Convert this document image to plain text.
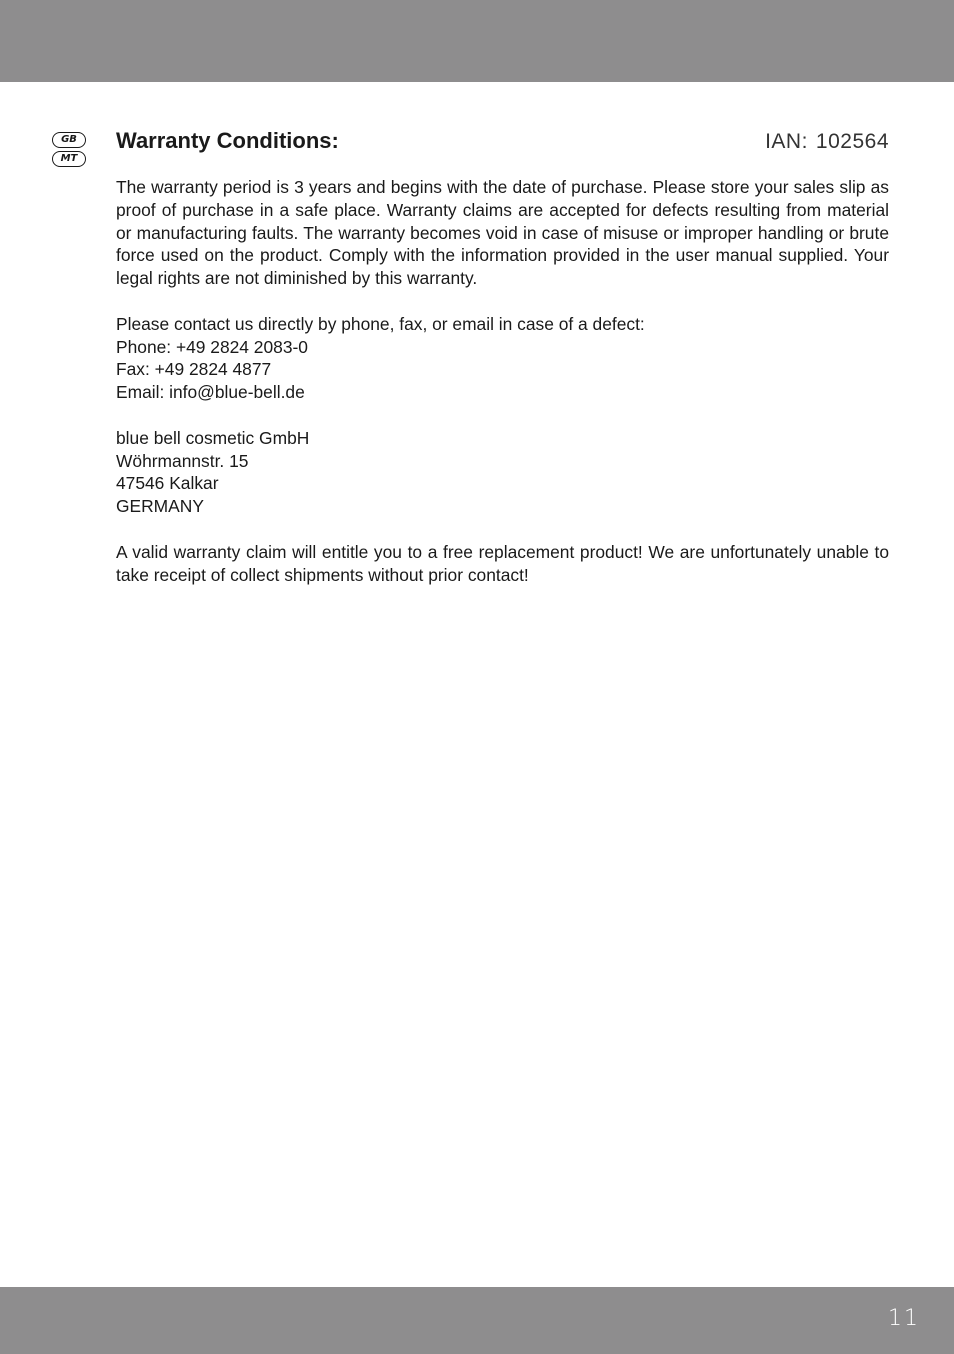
GB
MT
Warranty Conditions:	IAN: 102564

The warranty period is 3 years and begins with the date of purchase. Please store your sales slip as proof of purchase in a safe place. Warranty claims are accepted for defects resulting from material or manufacturing faults. The warranty becomes void in case of misuse or improper handling or brute force used on the product. Comply with the information provided in the user manual supplied. Your legal rights are not diminished by this warranty.

Please contact us directly by phone, fax, or email in case of a defect:

Phone: +49 2824 2083-0

Fax: +49 2824 4877

Email: info@blue-bell.de

blue bell cosmetic GmbH

Wöhrmannstr. 15

47546 Kalkar

GERMANY

A valid warranty claim will entitle you to a free replacement product! We are unfortunately unable to take receipt of collect shipments without prior contact!

11
